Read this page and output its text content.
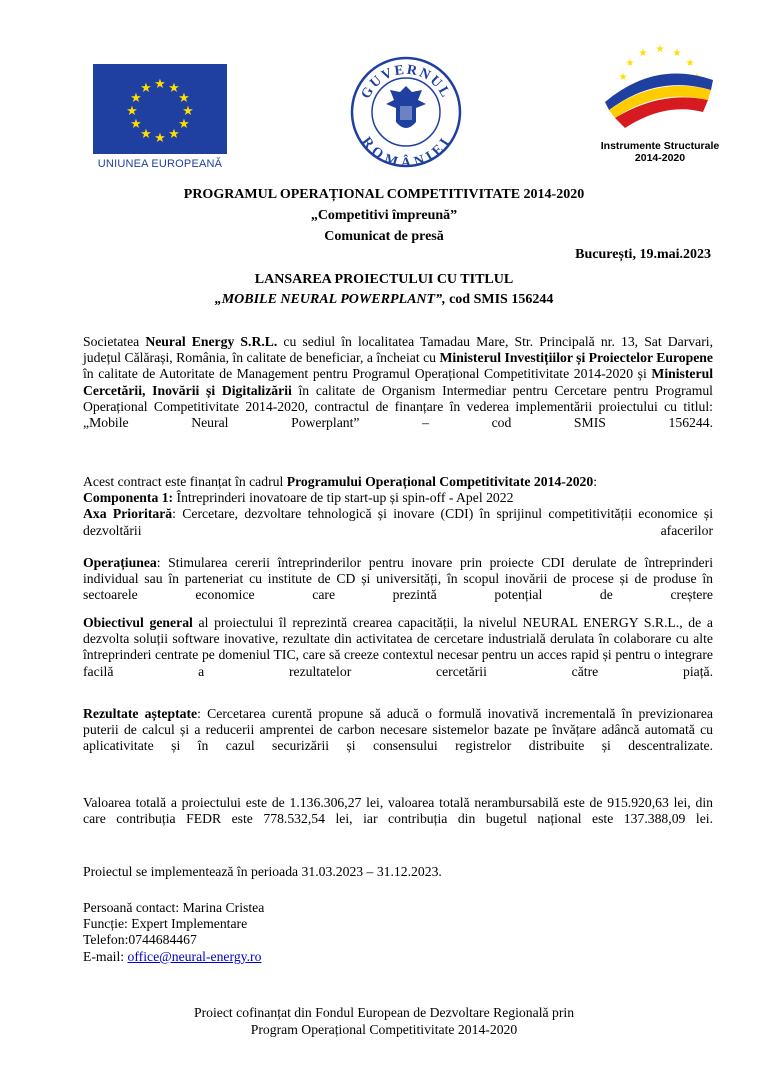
★ ★
★
★
★
★
★
★
★
★
★
★
UNIUNEA EUROPEANĂ
GUVERNUL
ROMÂNIEI
★ ★
★
★
★
★
Instrumente Structurale
2014-2020
PROGRAMUL OPERAȚIONAL COMPETITIVITATE 2014-2020
„Competitivi împreună”
Comunicat de presă
București, 19.mai.2023
LANSAREA PROIECTULUI CU TITLUL
„MOBILE NEURAL POWERPLANT”, cod SMIS 156244
Societatea Neural Energy S.R.L. cu sediul în localitatea Tamadau Mare, Str. Principală nr. 13, Sat Darvari, județul Călărași, România, în calitate de beneficiar, a încheiat cu Ministerul Investițiilor și Proiectelor Europene în calitate de Autoritate de Management pentru Programul Operațional Competitivitate 2014-2020 și Ministerul Cercetării, Inovării și Digitalizării în calitate de Organism Intermediar pentru Cercetare pentru Programul Operațional Competitivitate 2014-2020, contractul de finanțare în vederea implementării proiectului cu titlul: „Mobile Neural Powerplant” – cod SMIS 156244.

Acest contract este finanțat în cadrul Programului Operațional Competitivitate 2014-2020:

Componenta 1: Întreprinderi inovatoare de tip start-up și spin-off - Apel 2022

Axa Prioritară: Cercetare, dezvoltare tehnologică și inovare (CDI) în sprijinul competitivității economice și dezvoltării afacerilor

Operațiunea: Stimularea cererii întreprinderilor pentru inovare prin proiecte CDI derulate de întreprinderi individual sau în parteneriat cu institute de CD și universități, în scopul inovării de procese și de produse în sectoarele economice care prezintă potențial de creștere

Obiectivul general al proiectului îl reprezintă crearea capacității, la nivelul NEURAL ENERGY S.R.L., de a dezvolta soluții software inovative, rezultate din activitatea de cercetare industrială derulata în colaborare cu alte întreprinderi centrate pe domeniul TIC, care să creeze contextul necesar pentru un acces rapid și pentru o integrare facilă a rezultatelor cercetării către piață.
Rezultate așteptate: Cercetarea curentă propune să aducă o formulă inovativă incrementală în previzionarea puterii de calcul și a reducerii amprentei de carbon necesare sistemelor bazate pe învățare adâncă automată cu aplicativitate și în cazul securizării și consensului registrelor distribuite și descentralizate.
Valoarea totală a proiectului este de 1.136.306,27 lei, valoarea totală nerambursabilă este de 915.920,63 lei, din care contribuția FEDR este 778.532,54 lei, iar contribuția din bugetul național este 137.388,09 lei.
Proiectul se implementează în perioada 31.03.2023 – 31.12.2023.

Persoană contact: Marina Cristea

Funcție: Expert Implementare

Telefon:0744684467

E-mail: office@neural-energy.ro

Proiect cofinanțat din Fondul European de Dezvoltare Regională prin
Program Operațional Competitivitate 2014-2020
